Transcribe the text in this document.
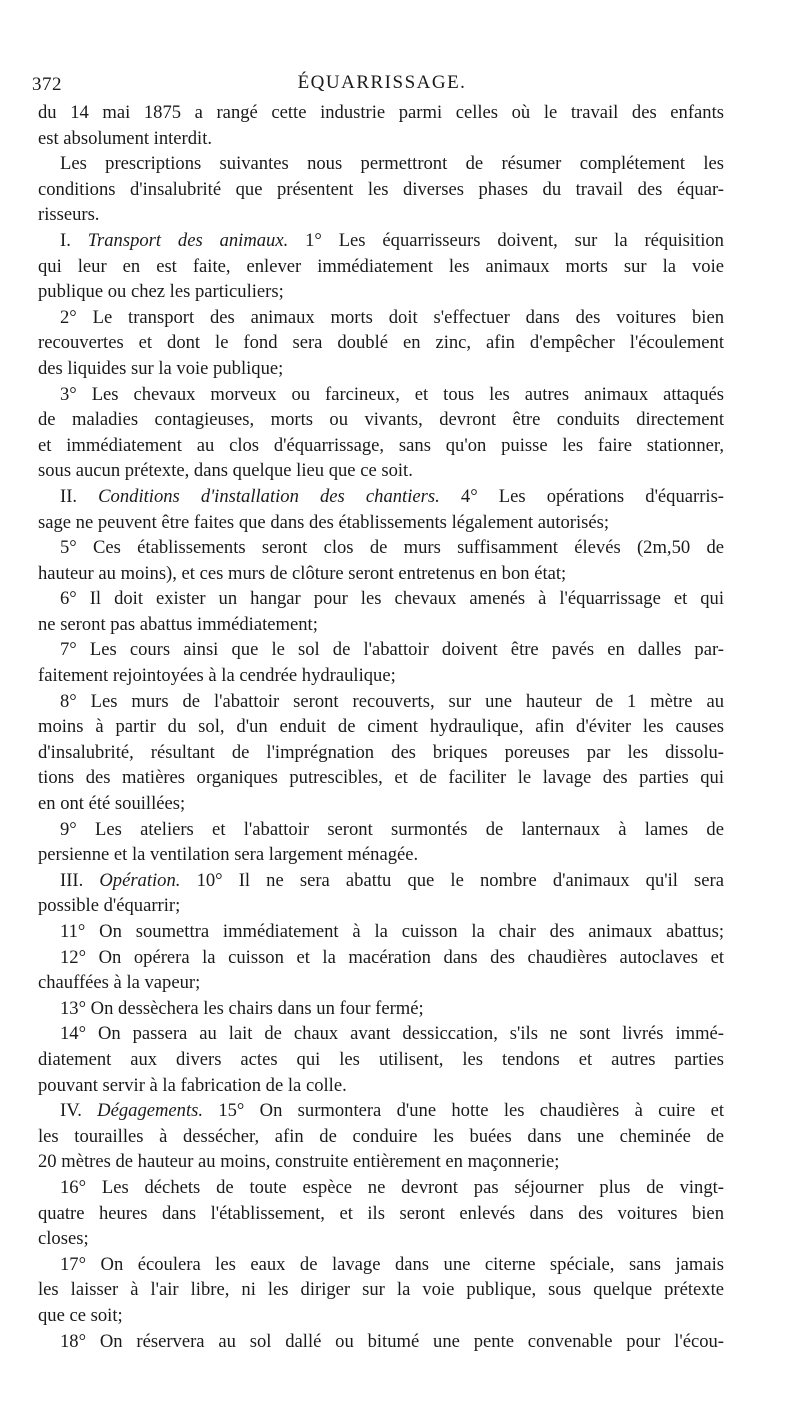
372	ÉQUARRISSAGE.
du 14 mai 1875 a rangé cette industrie parmi celles où le travail des enfants
est absolument interdit.
Les prescriptions suivantes nous permettront de résumer complétement les
conditions d'insalubrité que présentent les diverses phases du travail des équar-
risseurs.
I. Transport des animaux. 1° Les équarrisseurs doivent, sur la réquisition
qui leur en est faite, enlever immédiatement les animaux morts sur la voie
publique ou chez les particuliers;
2° Le transport des animaux morts doit s'effectuer dans des voitures bien
recouvertes et dont le fond sera doublé en zinc, afin d'empêcher l'écoulement
des liquides sur la voie publique;
3° Les chevaux morveux ou farcineux, et tous les autres animaux attaqués
de maladies contagieuses, morts ou vivants, devront être conduits directement
et immédiatement au clos d'équarrissage, sans qu'on puisse les faire stationner,
sous aucun prétexte, dans quelque lieu que ce soit.
II. Conditions d'installation des chantiers. 4° Les opérations d'équarris-
sage ne peuvent être faites que dans des établissements légalement autorisés;
5° Ces établissements seront clos de murs suffisamment élevés (2m,50 de
hauteur au moins), et ces murs de clôture seront entretenus en bon état;
6° Il doit exister un hangar pour les chevaux amenés à l'équarrissage et qui
ne seront pas abattus immédiatement;
7° Les cours ainsi que le sol de l'abattoir doivent être pavés en dalles par-
faitement rejointoyées à la cendrée hydraulique;
8° Les murs de l'abattoir seront recouverts, sur une hauteur de 1 mètre au
moins à partir du sol, d'un enduit de ciment hydraulique, afin d'éviter les causes
d'insalubrité, résultant de l'imprégnation des briques poreuses par les dissolu-
tions des matières organiques putrescibles, et de faciliter le lavage des parties qui
en ont été souillées;
9° Les ateliers et l'abattoir seront surmontés de lanternaux à lames de
persienne et la ventilation sera largement ménagée.
III. Opération. 10° Il ne sera abattu que le nombre d'animaux qu'il sera
possible d'équarrir;
11° On soumettra immédiatement à la cuisson la chair des animaux abattus;
12° On opérera la cuisson et la macération dans des chaudières autoclaves et
chauffées à la vapeur;
13° On dessèchera les chairs dans un four fermé;
14° On passera au lait de chaux avant dessiccation, s'ils ne sont livrés immé-
diatement aux divers actes qui les utilisent, les tendons et autres parties
pouvant servir à la fabrication de la colle.
IV. Dégagements. 15° On surmontera d'une hotte les chaudières à cuire et
les tourailles à dessécher, afin de conduire les buées dans une cheminée de
20 mètres de hauteur au moins, construite entièrement en maçonnerie;
16° Les déchets de toute espèce ne devront pas séjourner plus de vingt-
quatre heures dans l'établissement, et ils seront enlevés dans des voitures bien
closes;
17° On écoulera les eaux de lavage dans une citerne spéciale, sans jamais
les laisser à l'air libre, ni les diriger sur la voie publique, sous quelque prétexte
que ce soit;
18° On réservera au sol dallé ou bitumé une pente convenable pour l'écou-
